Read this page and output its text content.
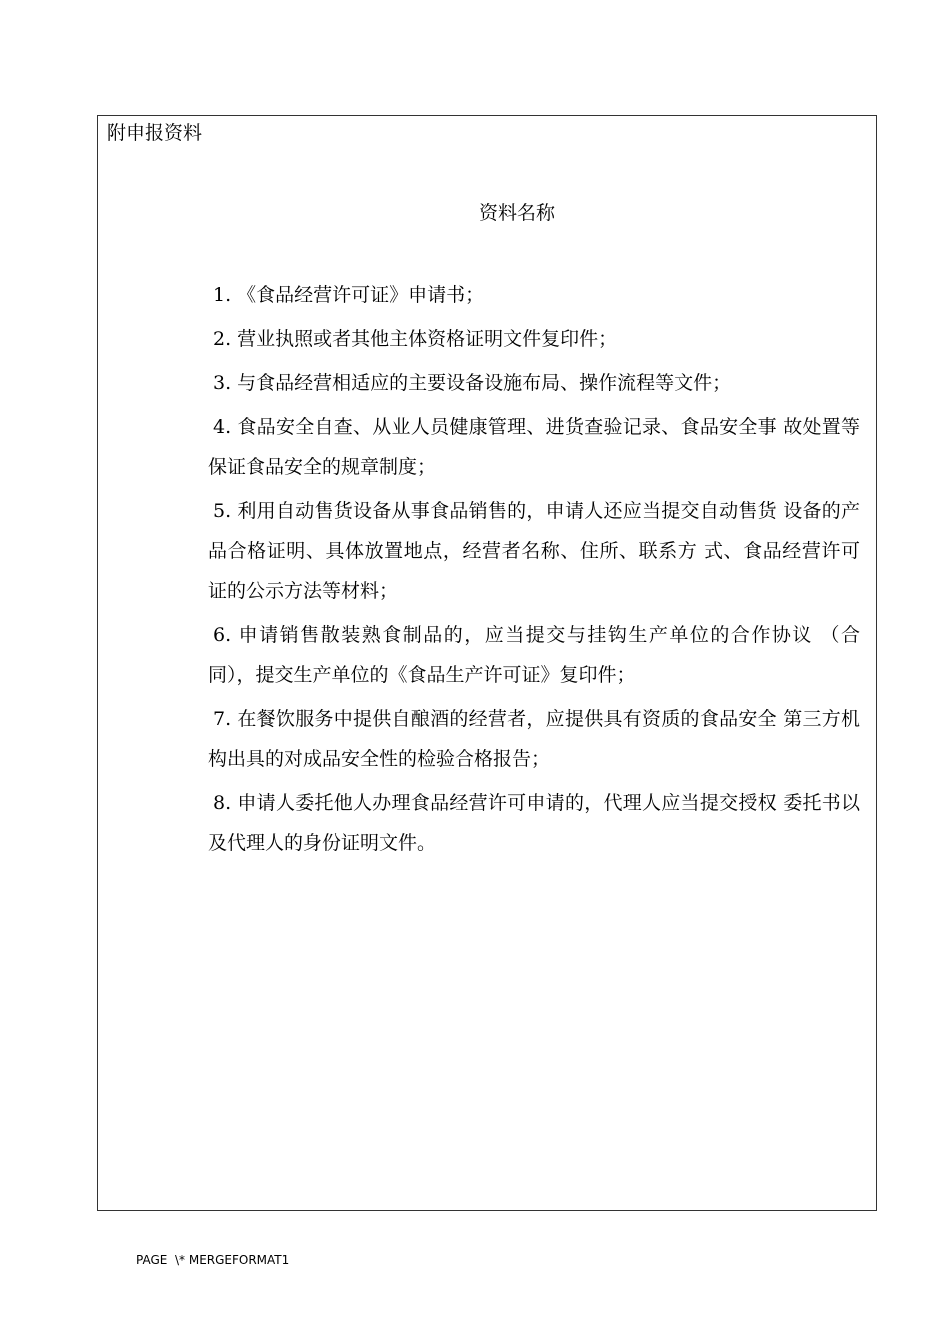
附申报资料
资料名称
1. 《食品经营许可证》申请书；
2. 营业执照或者其他主体资格证明文件复印件；
3. 与食品经营相适应的主要设备设施布局、操作流程等文件；
4. 食品安全自查、从业人员健康管理、进货查验记录、食品安全事 故处置等保证食品安全的规章制度；
5. 利用自动售货设备从事食品销售的，申请人还应当提交自动售货 设备的产品合格证明、具体放置地点，经营者名称、住所、联系方 式、食品经营许可证的公示方法等材料；
6. 申请销售散装熟食制品的，应当提交与挂钩生产单位的合作协议 （合同），提交生产单位的《食品生产许可证》复印件；
7. 在餐饮服务中提供自酿酒的经营者，应提供具有资质的食品安全 第三方机构出具的对成品安全性的检验合格报告；
8. 申请人委托他人办理食品经营许可申请的，代理人应当提交授权 委托书以及代理人的身份证明文件。
PAGE  \* MERGEFORMAT1
